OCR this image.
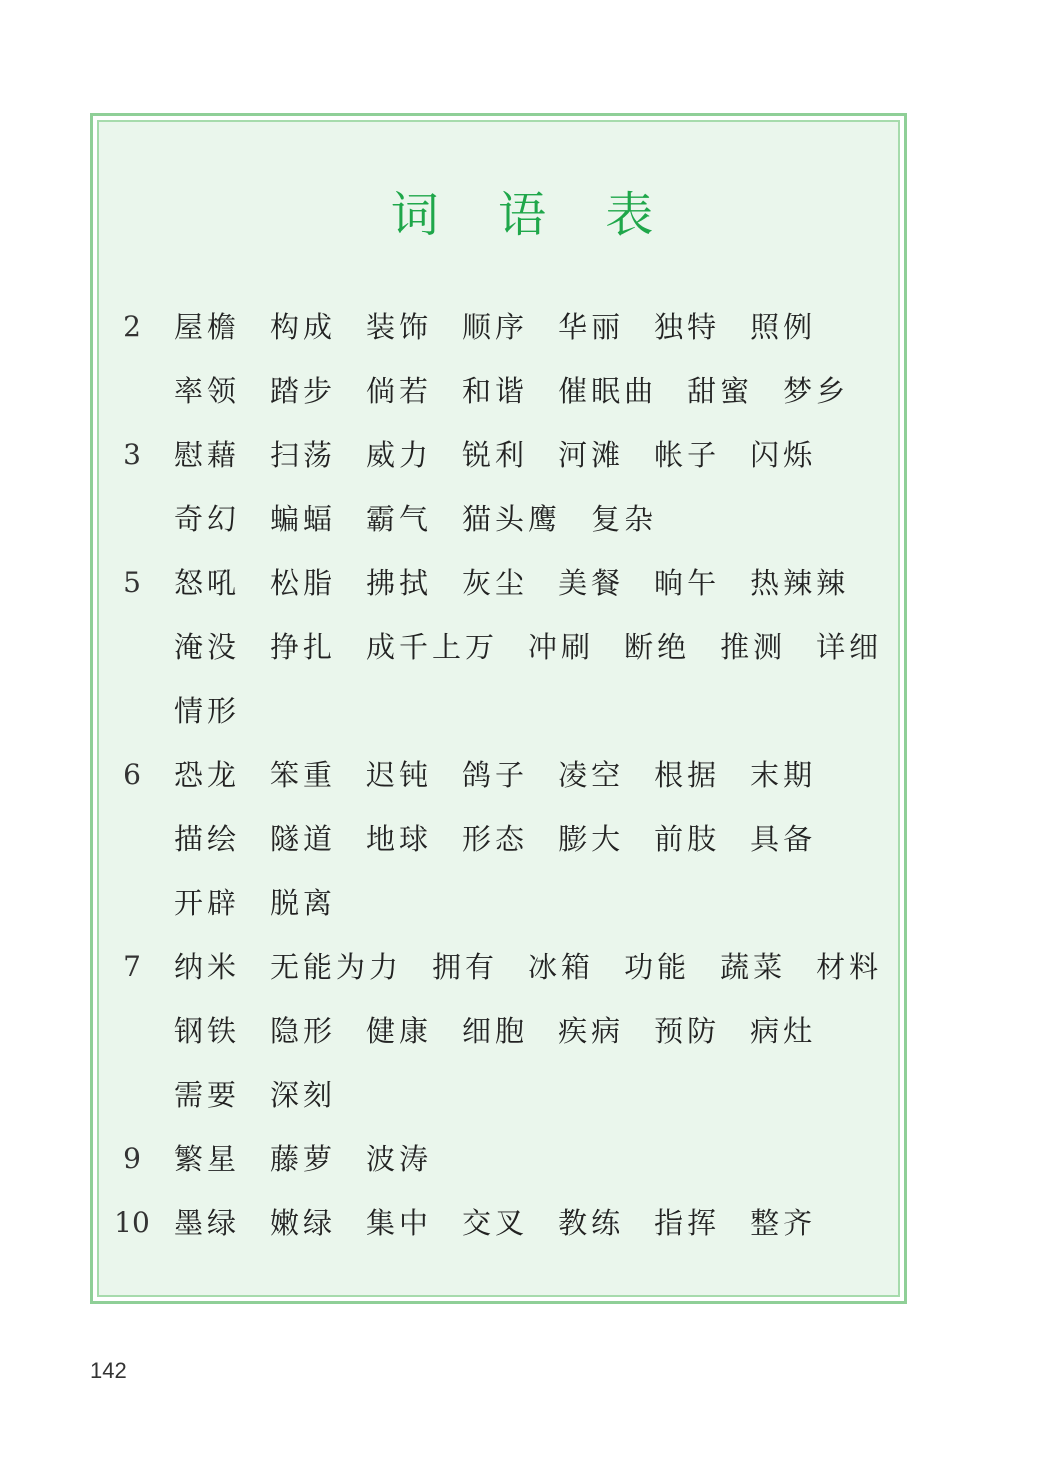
词 语 表
2	屋檐 构成 装饰 顺序 华丽 独特 照例
率领 踏步 倘若 和谐 催眠曲 甜蜜 梦乡
3	慰藉 扫荡 威力 锐利 河滩 帐子 闪烁
奇幻 蝙蝠 霸气 猫头鹰 复杂
5	怒吼 松脂 拂拭 灰尘 美餐 晌午 热辣辣
淹没 挣扎 成千上万 冲刷 断绝 推测 详细
情形
6	恐龙 笨重 迟钝 鸽子 凌空 根据 末期
描绘 隧道 地球 形态 膨大 前肢 具备
开辟 脱离
7	纳米 无能为力 拥有 冰箱 功能 蔬菜 材料
钢铁 隐形 健康 细胞 疾病 预防 病灶
需要 深刻
9	繁星 藤萝 波涛
10 墨绿 嫩绿 集中 交叉 教练 指挥 整齐
142
